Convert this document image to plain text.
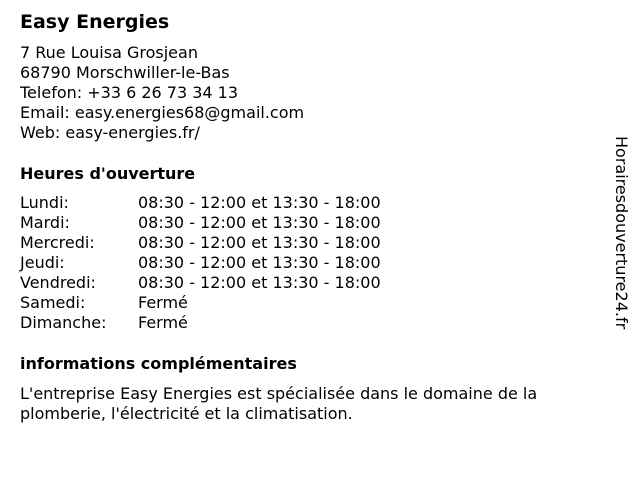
Easy Energies
7 Rue Louisa Grosjean
68790 Morschwiller-le-Bas
Telefon: +33 6 26 73 34 13
Email: easy.energies68@gmail.com
Web: easy-energies.fr/
Heures d'ouverture
Lundi:	08:30 - 12:00 et 13:30 - 18:00
Mardi:	08:30 - 12:00 et 13:30 - 18:00
Mercredi:	08:30 - 12:00 et 13:30 - 18:00
Jeudi:	08:30 - 12:00 et 13:30 - 18:00
Vendredi:	08:30 - 12:00 et 13:30 - 18:00
Samedi:	Fermé
Dimanche:	Fermé
informations complémentaires

L'entreprise Easy Energies est spécialisée dans le domaine de la plomberie, l'électricité et la climatisation.

Horairesdouverture24.fr
